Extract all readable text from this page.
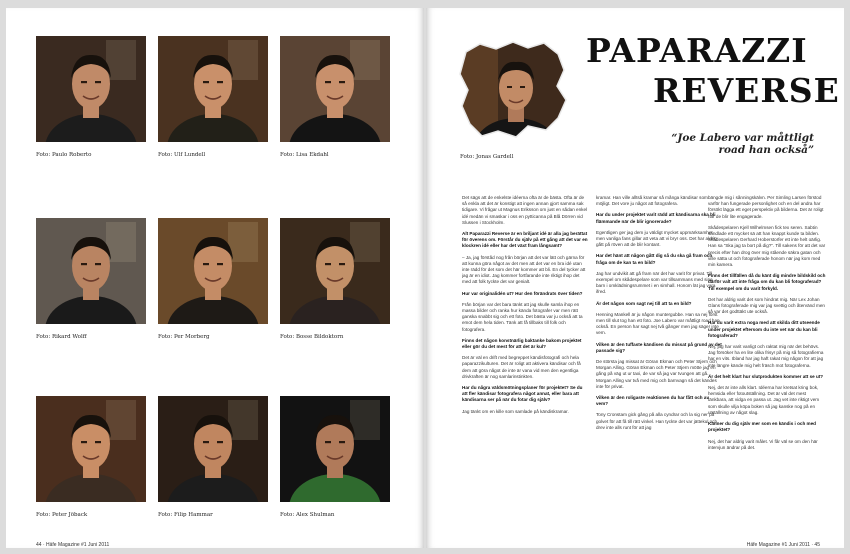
Foto: Paulo Roberto	Foto: Ulf Lundell	Foto: Lisa Ekdahl
Foto: Rikard Wolff	Foto: Per Morberg	Foto: Bosse Bildoktorn
Foto: Peter Jöback	Foto: Filip Hammar	Foto: Alex Shulman
Foto: Jonas Gardell
PAPARAZZI
REVERSE
“Joe Labero var måttligt road han också”

Det sägs att de enkelste idéerna ofta är de bästa. Ofta är de så enkla att det är konstigt att ingen annan gjort samma sak tidigare. Vi frågar ut Magnus Eriksson om just en sådan enkel idé medän vi smaskar i oss en pytticanna på Blå Dörren vid Slussen i Stockholm.

Alt Paparazzi Reverse är en briljant idé är alla jag berättat för överens om. Förstår du själv på ett gång att det var en klockren idé eller har det växt fram långsamt?

– Ja, jag förståd nog från början att det var lätt och gärna för att kunna göra något av det men att det var en bra idé utan inte rädd för det som det här kommer att bli. En del tycker att jag är en idiot. Jag kommer fortfarande inte riktigt ihop det med att folk tyckte det var genialt.

Hur var originalidén ut? Hur den förändrats över tiden?

Från början var det bara tänkt att jag skulle samla ihop en massa bilder och ranka hur kända fotografer var men rätt ganska snabbt sig och ett foto. Det bästa var ju också att ta emot dem hela tiden. Tänk att få tillbaks till folk och fotografera.

Finns det någon konstnärlig baktanke bakom projektet eller gör du det mest för att det är kul?

Det är väl en drift med begreppet kändisfotografi och hela paparazzikulturen. Det är roligt att aktivera kändisar och få dem att göra något de inte är vana vid men den egentliga drivkraften är nog samlarinstinkten.

Har du några väldsmötningsplaner för projektet? Se du att fler kändisar fotografera något annat, eller bara att kändisarna ser på när du fotar dig själv?

Jag tänkt om en kille som samlade på kändiskramar.

kramar. Han ville alltså kramar så många kändisar som möjligt. Det vore ju något att fotografera.

Har du under projektet varit rädd att kändisarna ska bli flämmande när de blir ignorerade?

Egentligen ger jag dem ju väldigt mycket uppmärksamhet men vanliga fans gillar att veta att vi bryr oss. Det har aldrig gått på röven att de blir kontant.

Har det hänt att någon gått dig så du ska gå fram och fråga om de kan ta en bild?

Jag har undvikit att gå fram när det har varit för privat. Till exempel om skådespelare som var tillsammans med sina barn i omklädningsrummet i en simhall. Honom lät jag vara ifred.

Är det någon som sagt nej till att ta en bild?

Henning Mankell är ju någon muntergubbe. Han sa nej först men till slut tog han ett foto. Joe Labero var måttligt road han också. En person har sagt nej två gånger men jag säger inte vem.

Vilken är den tuffaste kändisen du missat på grund av det passade sig?

De största jag missat är Göran Ekman och Peter Stjern och Morgan Alling. Göran Ekman och Peter Stjern mötte jag en gång på väg ut ur taxi, de var så jag var tvungen att gå. Morgan Alling var två med mig och barnvagn så det kändes inte för privat.

Vilken är den roligaste reaktionen du har fått och av vem?

Tony Cronstam gick gång på alla cyndrar och la sig ner på golvet för att få till rätt vinkel. Han tyckte det var jättekul och drev inte alls runt för att jag

bängde mig i sånningskälvn. Per Simling Larsen förstod varför han fungerade personlighet och en del andra har försökt lägga ett eget perspektiv på bilderna. Det är roligt när de blir lite engagerade.

Skådespelaren Kjell Wilhelmsen fick tex seren. Sabtin sändlade ett mycket sä att han knappt kunde ta bilden. Skådespelaren Gerhard Hoberstorfer ett inte helt oärlig. Han sa ”Ska jag ta bort på dig?”. Till sakens för att det var precis efter han drog över mig stående säkra gatan och ville sätta ut och fotograferade honom när jag kom med min kamera.

Finns det tillfällen då du känt dig mindre bildskild och därför valt att inte fråga om du kan bli fotograferad? Till exempel om du varit förkyld.

Det har aldrig varit det som hindrat mig. När Lex Johan Glans fotograferade mig var jag svettig och återvänd men så var det godttäkt ute också.

Har du varit extra noga med att skilda ditt utseende under projektet eftersom du inte vet när du kan bli fotograferad?

Nej, jag har varit vanligt och raktat mig när det behövs. Jag försöker ha en lite olika frisyr på mig så fotografierna har en vits. Ibland har jag haft rakat mig någon för att jag inte längre kände mig helt fräsch mot fotograferna.

Är det helt klart hur slutprodukten kommer att se ut?

Nej, det är inte alls klart. Idéerna har kretsat kring bok, hemsida eller fotoutställning. Det är väl det mest tänkbara, att vidga en passa ut. Jag vet inte riktigt vem som skulle vilja köpa boken så jag kanske nog på en utställning av något slag.

Känner du dig själv mer som en kändis i och med projektet?

Nej, det har aldrig varit målet. Vi får väl se om den här intervjun ändrar på det.

44 · Häfe Magazine #1 Juni 2011	Häfe Magazine #1 Juni 2011 · 45
